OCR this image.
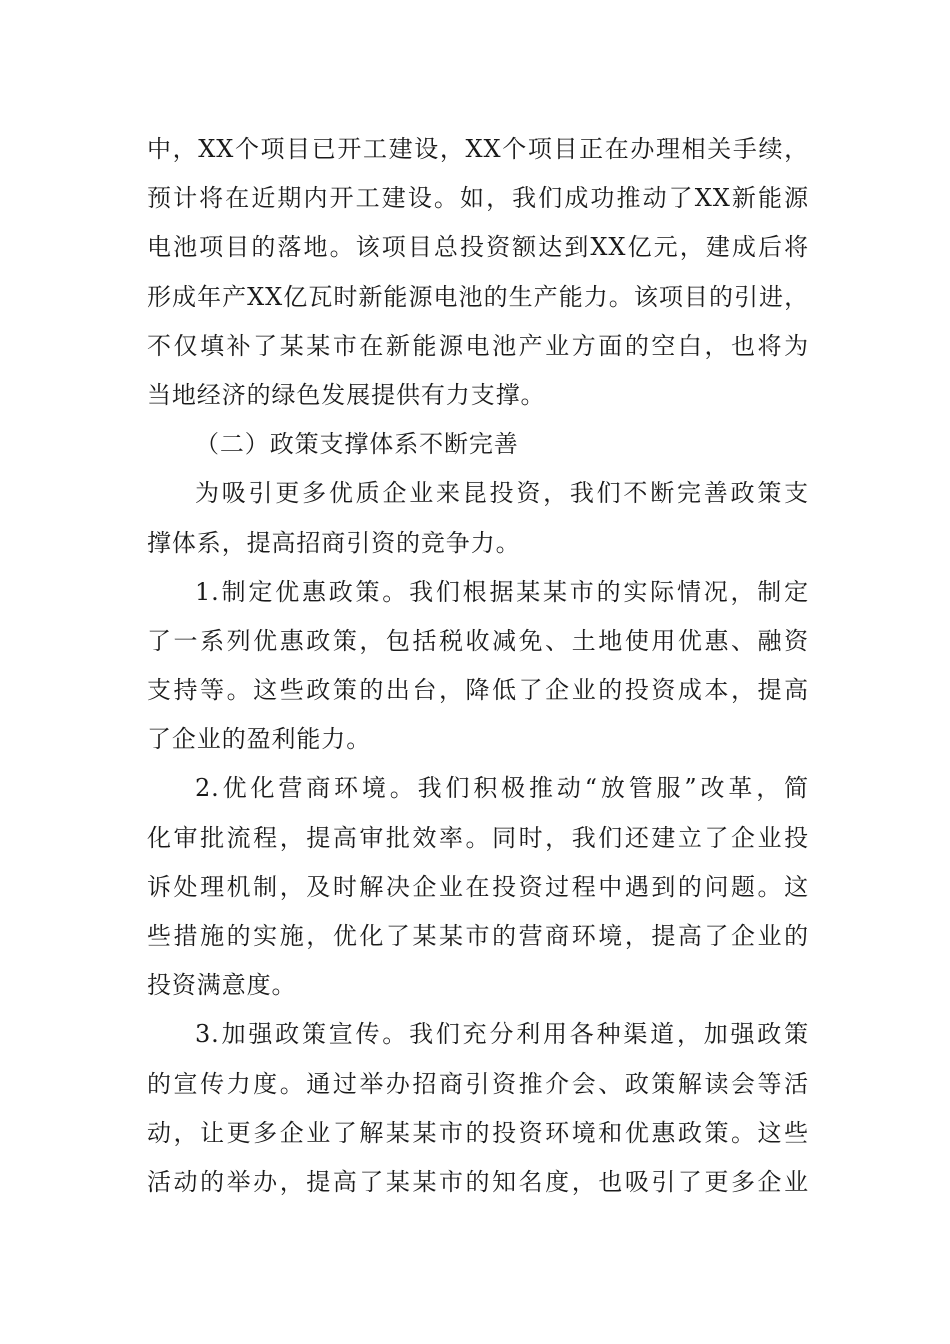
中，XX个项目已开工建设，XX个项目正在办理相关手续，
预计将在近期内开工建设。如，我们成功推动了XX新能源
电池项目的落地。该项目总投资额达到XX亿元，建成后将
形成年产XX亿瓦时新能源电池的生产能力。该项目的引进，
不仅填补了某某市在新能源电池产业方面的空白，也将为
当地经济的绿色发展提供有力支撑。
（二）政策支撑体系不断完善
为吸引更多优质企业来昆投资，我们不断完善政策支
撑体系，提高招商引资的竞争力。
1.制定优惠政策。我们根据某某市的实际情况，制定
了一系列优惠政策，包括税收减免、土地使用优惠、融资
支持等。这些政策的出台，降低了企业的投资成本，提高
了企业的盈利能力。
2.优化营商环境。我们积极推动“放管服”改革，简
化审批流程，提高审批效率。同时，我们还建立了企业投
诉处理机制，及时解决企业在投资过程中遇到的问题。这
些措施的实施，优化了某某市的营商环境，提高了企业的
投资满意度。
3.加强政策宣传。我们充分利用各种渠道，加强政策
的宣传力度。通过举办招商引资推介会、政策解读会等活
动，让更多企业了解某某市的投资环境和优惠政策。这些
活动的举办，提高了某某市的知名度，也吸引了更多企业
